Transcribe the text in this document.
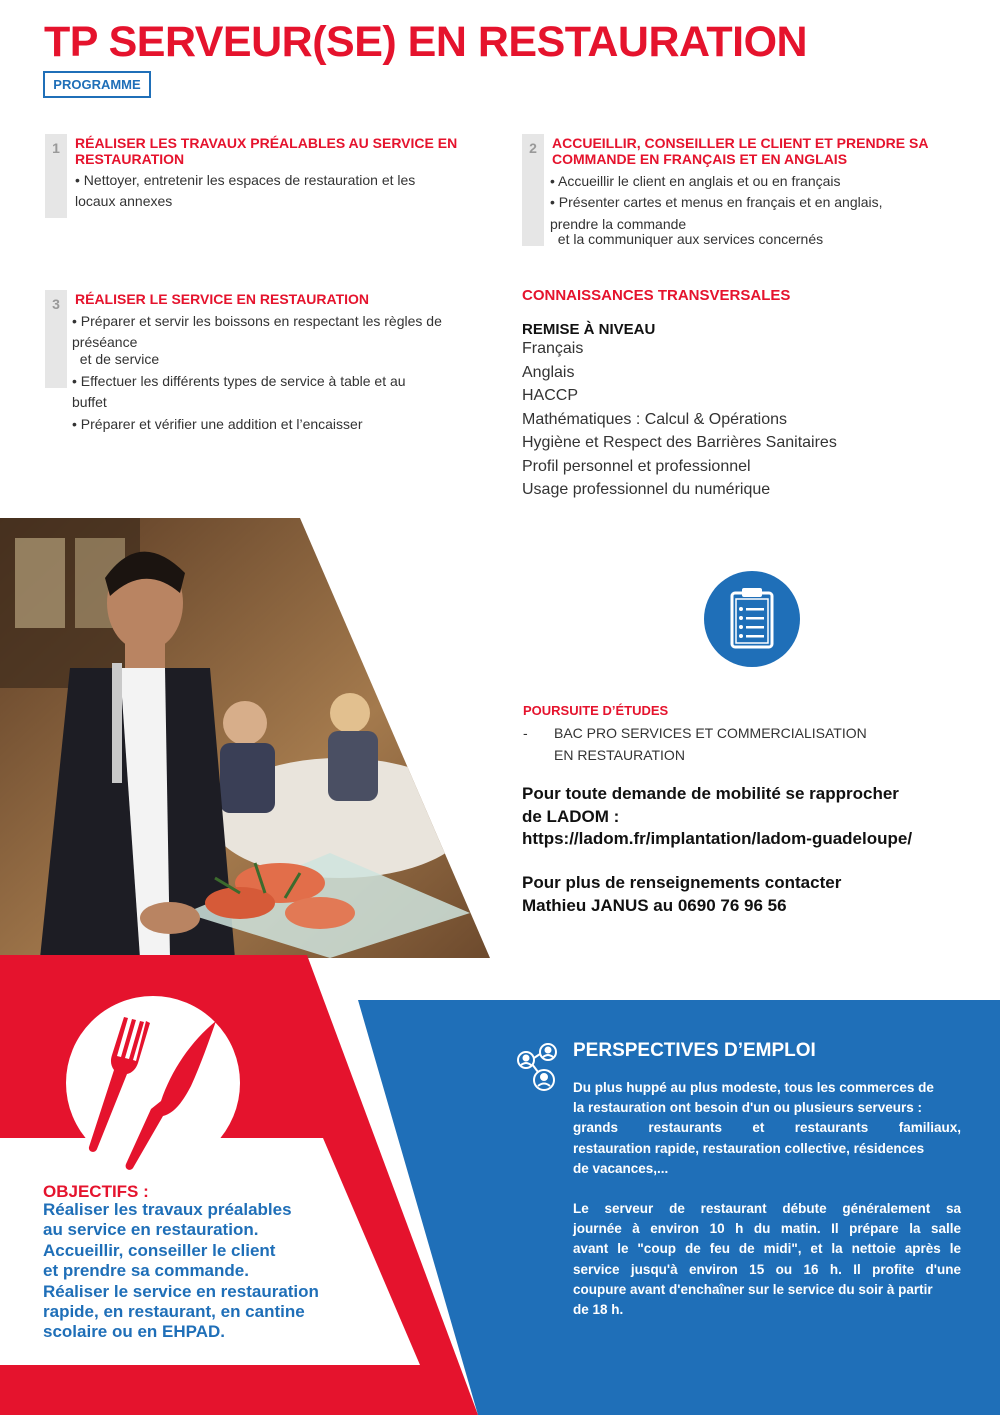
TP SERVEUR(SE) EN RESTAURATION
PROGRAMME
1	RÉALISER LES TRAVAUX PRÉALABLES AU SERVICE EN
RESTAURATION
• Nettoyer, entretenir les espaces de restauration et les
locaux annexes
2	ACCUEILLIR, CONSEILLER LE CLIENT ET PRENDRE SA
COMMANDE EN FRANÇAIS ET EN ANGLAIS
• Accueillir le client en anglais et ou en français
• Présenter cartes et menus en français et en anglais,
prendre la commande
et la communiquer aux services concernés
3	RÉALISER LE SERVICE EN RESTAURATION
• Préparer et servir les boissons en respectant les règles de
préséance
et de service
• Effectuer les différents types de service à table et au
buffet
• Préparer et vérifier une addition et l’encaisser
CONNAISSANCES TRANSVERSALES
REMISE À NIVEAU
Français
Anglais
HACCP
Mathématiques : Calcul & Opérations
Hygiène et Respect des Barrières Sanitaires
Profil personnel et professionnel
Usage professionnel du numérique
POURSUITE D’ÉTUDES
- BAC PRO SERVICES ET COMMERCIALISATION
EN RESTAURATION
Pour toute demande de mobilité se rapprocher
de LADOM :
https://ladom.fr/implantation/ladom-guadeloupe/
Pour plus de renseignements contacter
Mathieu JANUS au 0690 76 96 56
OBJECTIFS :
Réaliser les travaux préalables
au service en restauration.
Accueillir, conseiller le client
et prendre sa commande.
Réaliser le service en restauration
rapide, en restaurant, en cantine
scolaire ou en EHPAD.
PERSPECTIVES D’EMPLOI
Du plus huppé au plus modeste, tous les commerces de
la restauration ont besoin d'un ou plusieurs serveurs :
grands restaurants et restaurants familiaux,
restauration rapide, restauration collective, résidences
de vacances,...
Le serveur de restaurant débute généralement sa
journée à environ 10 h du matin. Il prépare la salle
avant le "coup de feu de midi", et la nettoie après le
service jusqu'à environ 15 ou 16 h. Il profite d'une
coupure avant d'enchaîner sur le service du soir à partir
de 18 h.
